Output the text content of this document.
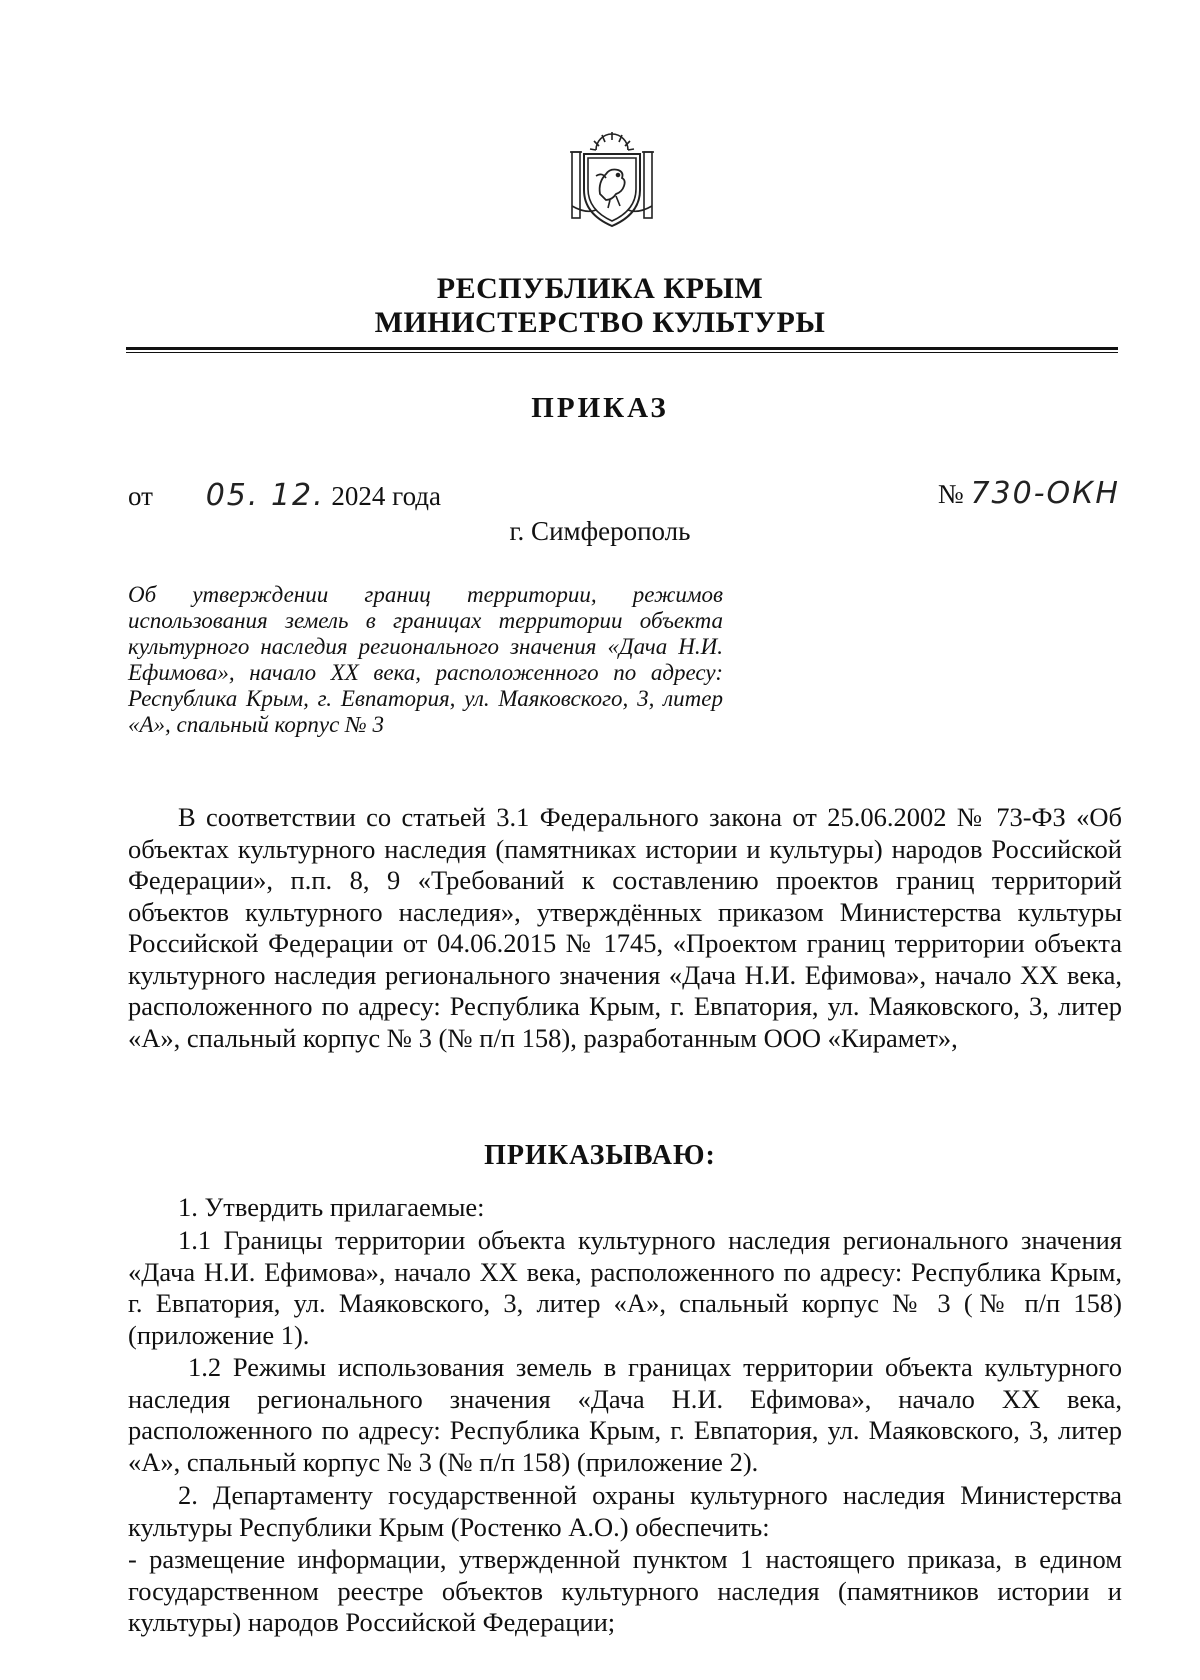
РЕСПУБЛИКА КРЫМ
МИНИСТЕРСТВО КУЛЬТУРЫ
ПРИКАЗ
от 05. 12. 2024 года	№ 730-ОКН
г. Симферополь
Об утверждении границ территории, режимов использования земель в границах территории объекта культурного наследия регионального значения «Дача Н.И. Ефимова», начало XX века, расположенного по адресу: Республика Крым, г. Евпатория, ул. Маяковского, 3, литер «А», спальный корпус № 3
В соответствии со статьей 3.1 Федерального закона от 25.06.2002 № 73-ФЗ «Об объектах культурного наследия (памятниках истории и культуры) народов Российской Федерации», п.п. 8, 9 «Требований к составлению проектов границ территорий объектов культурного наследия», утверждённых приказом Министерства культуры Российской Федерации от 04.06.2015 № 1745, «Проектом границ территории объекта культурного наследия регионального значения «Дача Н.И. Ефимова», начало XX века, расположенного по адресу: Республика Крым, г. Евпатория, ул. Маяковского, 3, литер «А», спальный корпус № 3 (№ п/п 158), разработанным ООО «Кирамет»,
ПРИКАЗЫВАЮ:
1. Утвердить прилагаемые:
1.1 Границы территории объекта культурного наследия регионального значения «Дача Н.И. Ефимова», начало XX века, расположенного по адресу: Республика Крым, г. Евпатория, ул. Маяковского, 3, литер «А», спальный корпус № 3 (№ п/п 158) (приложение 1).
1.2 Режимы использования земель в границах территории объекта культурного наследия регионального значения «Дача Н.И. Ефимова», начало XX века, расположенного по адресу: Республика Крым, г. Евпатория, ул. Маяковского, 3, литер «А», спальный корпус № 3 (№ п/п 158) (приложение 2).
2. Департаменту государственной охраны культурного наследия Министерства культуры Республики Крым (Ростенко А.О.) обеспечить:
- размещение информации, утвержденной пунктом 1 настоящего приказа, в едином государственном реестре объектов культурного наследия (памятников истории и культуры) народов Российской Федерации;
